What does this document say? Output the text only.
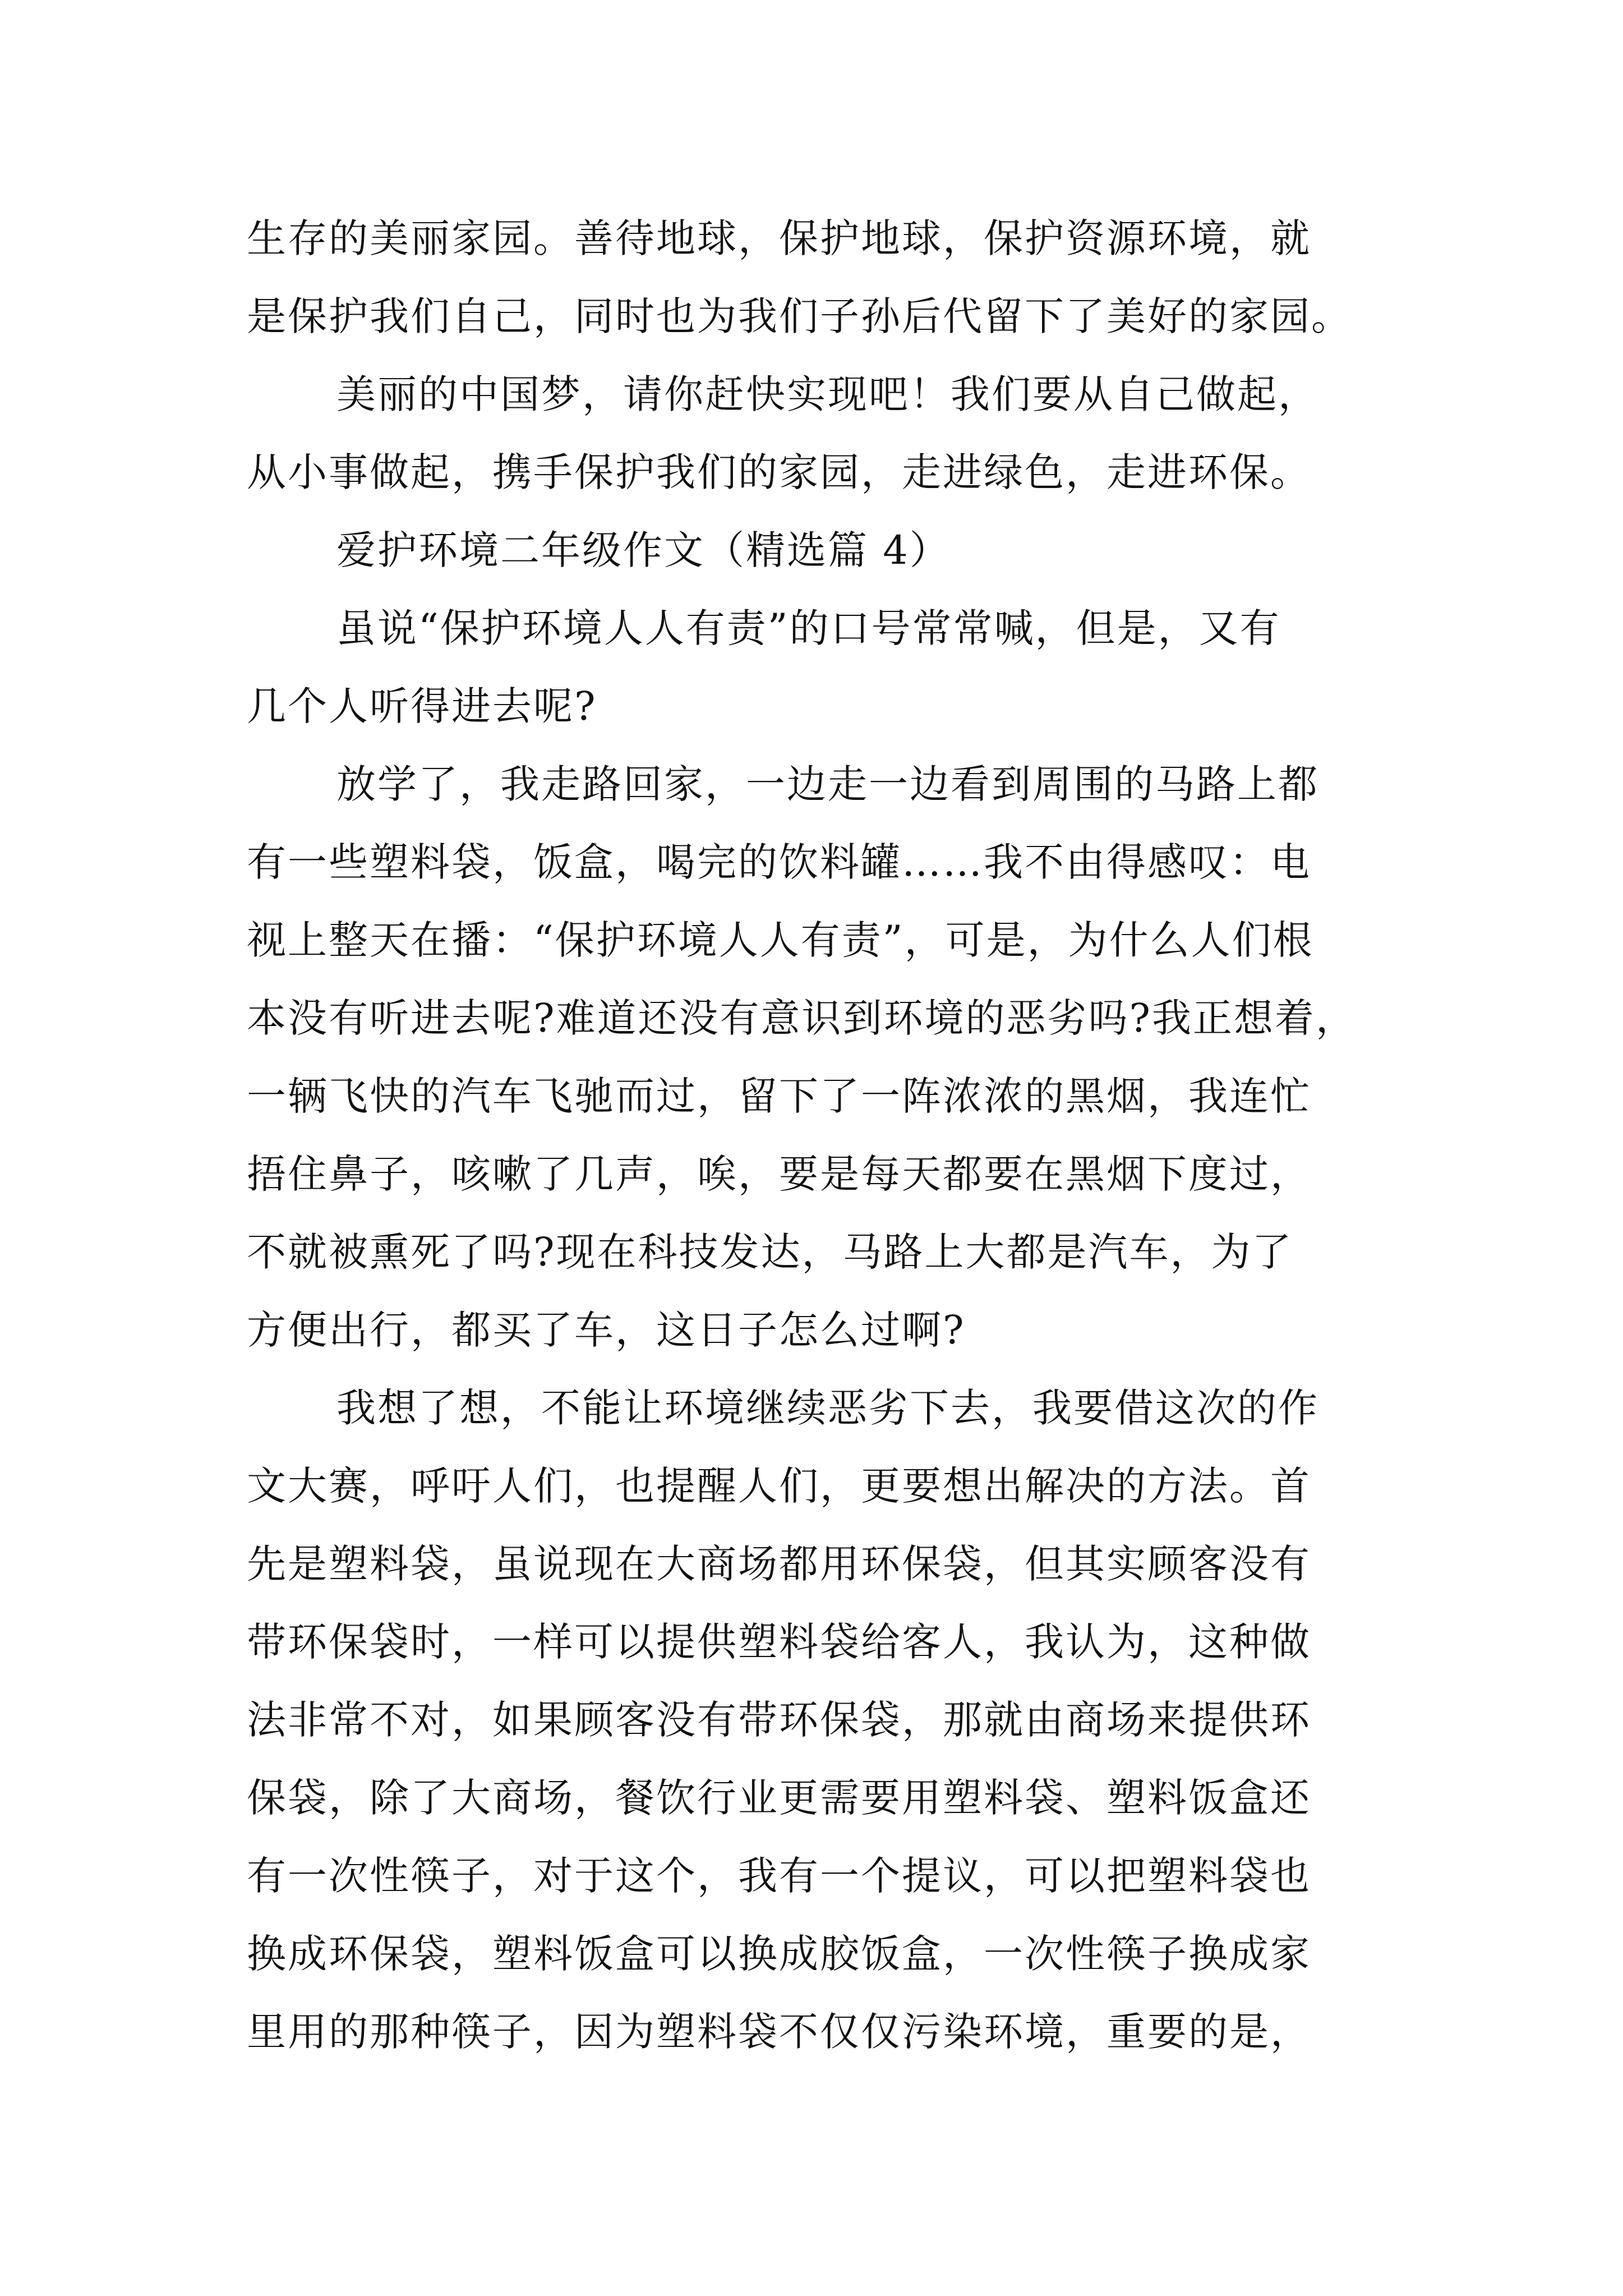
生存的美丽家园。善待地球，保护地球，保护资源环境，就
是保护我们自己，同时也为我们子孙后代留下了美好的家园。
美丽的中国梦，请你赶快实现吧！我们要从自己做起，
从小事做起，携手保护我们的家园，走进绿色，走进环保。
爱护环境二年级作文（精选篇 4）
虽说“保护环境人人有责”的口号常常喊，但是，又有
几个人听得进去呢?
放学了，我走路回家，一边走一边看到周围的马路上都
有一些塑料袋，饭盒，喝完的饮料罐……我不由得感叹：电
视上整天在播：“保护环境人人有责”，可是，为什么人们根
本没有听进去呢?难道还没有意识到环境的恶劣吗?我正想着，
一辆飞快的汽车飞驰而过，留下了一阵浓浓的黑烟，我连忙
捂住鼻子，咳嗽了几声，唉，要是每天都要在黑烟下度过，
不就被熏死了吗?现在科技发达，马路上大都是汽车，为了
方便出行，都买了车，这日子怎么过啊?
我想了想，不能让环境继续恶劣下去，我要借这次的作
文大赛，呼吁人们，也提醒人们，更要想出解决的方法。首
先是塑料袋，虽说现在大商场都用环保袋，但其实顾客没有
带环保袋时，一样可以提供塑料袋给客人，我认为，这种做
法非常不对，如果顾客没有带环保袋，那就由商场来提供环
保袋，除了大商场，餐饮行业更需要用塑料袋、塑料饭盒还
有一次性筷子，对于这个，我有一个提议，可以把塑料袋也
换成环保袋，塑料饭盒可以换成胶饭盒，一次性筷子换成家
里用的那种筷子，因为塑料袋不仅仅污染环境，重要的是，
